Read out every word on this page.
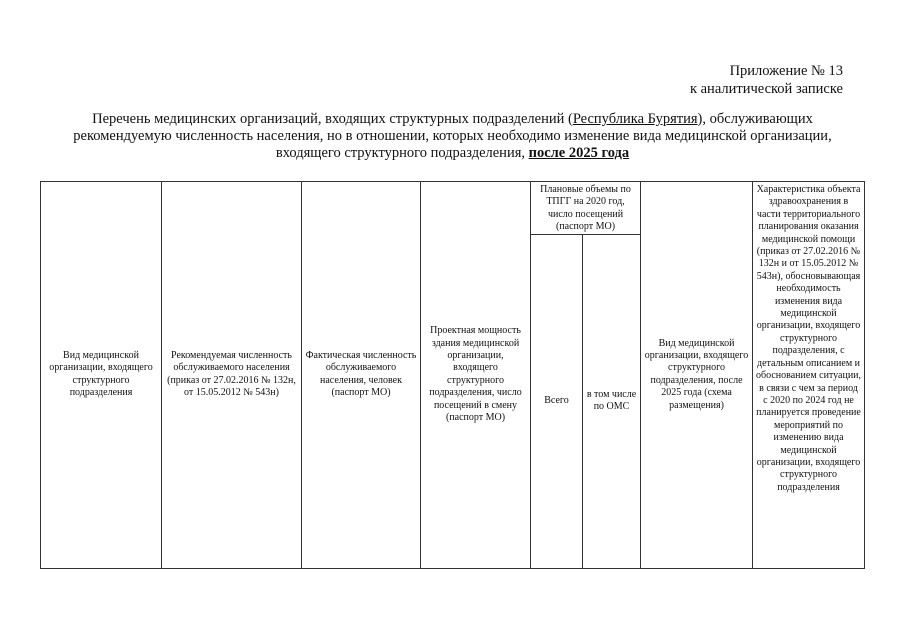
Приложение № 13
к аналитической записке
Перечень медицинских организаций, входящих структурных подразделений (Республика Бурятия), обслуживающих рекомендуемую численность населения, но в отношении, которых необходимо изменение вида медицинской организации, входящего структурного подразделения, после 2025 года
Вид медицинской организации, входящего структурного подразделения	Рекомендуемая численность обслуживаемого населения (приказ от 27.02.2016 № 132н, от 15.05.2012 № 543н)	Фактическая численность обслуживаемого населения, человек (паспорт МО)	Проектная мощность здания медицинской организации, входящего структурного подразделения, число посещений в смену (паспорт МО)	Плановые объемы по ТПГГ на 2020 год, число посещений (паспорт МО)		Вид медицинской организации, входящего структурного подразделения, после 2025 года (схема размещения)	Характеристика объекта здравоохранения в части территориального планирования оказания медицинской помощи (приказ от 27.02.2016 № 132н и от 15.05.2012 № 543н), обосновывающая необходимость изменения вида медицинской организации, входящего структурного подразделения, с детальным описанием и обоснованием ситуации, в связи с чем за период с 2020 по 2024 год не планируется проведение мероприятий по изменению вида медицинской организации, входящего структурного подразделения

				Всего	в том числе по ОМС		
